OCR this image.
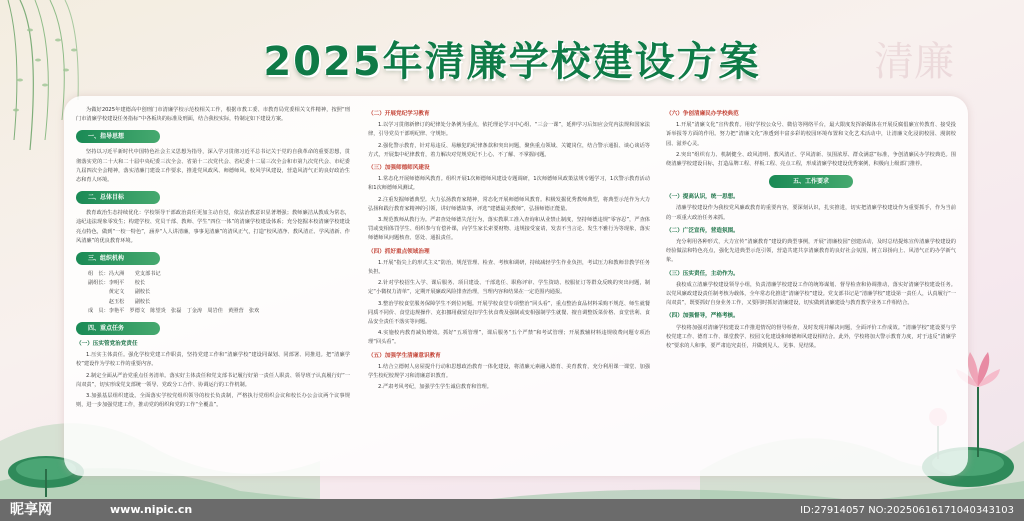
清廉
2025年清廉学校建设方案

为做好2025年建德高中创刑门市清廉学校示范校相关工作，根据市教工委、市教育局党委相关文件精神，按照“刑门市清廉学校建设任务指标”中各板块的标准及刑面，结合我校实际，特制定如下建设方案。

一、指导思想

坚持以习近平新时代中国特色社会主义思想为指导，深入学习贯彻习近平总书记关于党的自我革命的重要思想，贯彻落实党的二十大和二十届中央纪委三次全会、省第十二次党代会、省纪委十二届三次全会和市第九次党代会、市纪委九届四次全会精神，落实清廉门建设工作要求，推进党风政风、师德师风、校风学风建设，营造风清气正的良好政治生态和育人环境。

二、总体目标

教育政治生态持续优化：学校领导干部政治责任更加主动自觉，依法治教意识显著增强；教师廉洁从教成为常态，违纪违法现象零发生；构建学校、党员干部、教师、学生“四位一体”的清廉学校建设体系；充分挖掘本校清廉学校建设亮点特色，做到“一校一特色”，涵养“人人讲清廉，事事见清廉”的清风正气，打造“校风清净、教风清正、学风清新、作风清廉”的优良教育环境。

三、组织机构
组　长：冯大洲　　党支部书记
副组长：李明平　　校长
　　　　黄定文　　副校长
　　　　赵玉松　　副校长
成　员：李艳平　罗德文　陈望炎　张磊　丁金涛　周岩佳　黄照营　张欢
四、重点任务
（一）压实管党治党责任

1.压实主体责任。强化学校党建工作职责，坚持党建工作和“清廉学校”建设同谋划、同部署、同推进。把“清廉学校”建设作为学校工作的重要内容。

2.制定全面从严治党重点任务清单。落实好主体责任和党支部书记履行好第一责任人职责、领导班子认真履行好“一岗双责”，切实形成党支部统一领导、党政分工合作、协调运行的工作机制。

3.加强基层组织建设。全面落实学校党组织领导的校长负责制，严格执行党组织会议和校长办公会议两个议事规则，进一步加强党建工作，推动党的组织和党的工作“全覆盖”。

（二）开展党纪学习教育

1.以学习贯彻新修订的纪律处分条例为重点，依托理论学习中心组、“三会一课”，延伸学习后知应会党内法规和国家法律，引导党员干部明纪律、守规矩。

2.强化警示教育，针对易违反、易触犯的纪律条款和突出问题，聚焦重点领域、关键岗位，结合警示通报、谈心谈话等方式，开展集中纪律教育，着力解决对党规党纪不上心、不了解、不掌握问题。

（三）加强师德师风建设

1.常态化开展师德师风教育。组织开展1次师德师风建设专题调研，1次师德师风政策法规专题学习，1次警示教育活动和1次师德师风测试。

2.注重发掘师德典型。大力弘扬教育家精神，常态化开展师德师风教育。积极发掘优秀教师典型，将典型示范作为大力弘扬和践行教育家精神的引领，讲好师德故事，评选“建德最美教师”，弘扬师德正能量。

3.规范教师从教行为。严肃查处师德失范行为，落实教职工准入查询和从业禁止制度，坚持师德违规“零容忍”，严查体罚或变相体罚学生、组织参与有偿补课，向学生家长索要财物、违规接受宴请，发表不当言论、发生不雅行为等现象，落实师德师风问题核查、惩处、通报责任。

（四）抓好重点领域治理

1.开展“指尖上的形式主义”防治，规范管理、检查、考核和调研，持续减轻学生作业负担，考试压力和教师非教学任务负担。

2.针对学校招生入学、课后服务、项目建设、干部选任、职称评审、学生资助、校服征订等群众反映的突出问题，制定“小微权力清单”，定期开展廉政风险排查治理，当理内容和结果在一定范围内通报。

3.整治学校食堂服务保障学生不到位问题。开展学校食堂专项整治“回头看”，重点整治食品材料采购不规范、师生就餐同质不同价、食堂违规操作、克扣挪用截留克扣学生伙食费及强制或变相强制学生就餐、擅自调整饭菜价格、食堂营利、食品安全责任不落实等问题。

4.实施校内教育减负增效。抓好“五项管理”，课后服务“五个严禁”和考试管理；开展教辅材料违规收费问题专项治理“回头看”。

（五）加强学生清廉意识教育

1.结合立德树人房屋提升行动和思想政治教育一体化建设，将清廉元素融入德育、美育教育，充分利用课一课堂、加强学生校纪校规学习和清廉意识教育。

2.严肃考风考纪，加强学生学生诚信教育和管理。

（六）争创清廉民办学校典范

1.开展“清廉文化”宣传教育。用好学校公众号、微信等网络平台，最大限度发挥新媒体在开展反腐倡廉宣传教育、接受投诉举报等方面的作用。努力把“清廉文化”渗透到丰富多彩的校园环境布置和文化艺术活动中，让清廉文化浸润校园、漫润校园、滋养心灵。

2.突出“组织有力、机制健全、政风清明、教风清正、学风清新、氛围浓厚、群众满意”标准，争创清廉民办学校典范。围绕清廉学校建设目标，打造品牌工程、样板工程、亮点工程，形成清廉学校建设优秀案例，积极向上级部门推荐。

五、工作要求
（一）提高认识，统一思想。

清廉学校建设作为我校党风廉政教育的重要内容，要深刻认识，扎实推进，切实把清廉学校建设作为重要抓手，作为当前的一项重大政治任务来抓。

（二）广泛宣传，营造氛围。

充分利用各种形式，大力宣传“清廉教育”建设的典型事例，开展“清廉校园”创建活动，及时总结提炼宣传清廉学校建设的经验做法和特色亮点，强化先进典型示范引领，营造共建共享清廉教育的良好社会氛围，树立昂扬向上、风清气正的办学新气象。

（三）压实责任，主动作为。

我校成立清廉学校建设领导小组，负责清廉学校建设工作的统筹谋划、督导检查和协调推动，落实好清廉学校建设任务。以党风廉政建设责任制考核为载体，全年常态化推进“清廉学校”建设。党支部书记是“清廉学校”建设第一责任人，认真履行“一岗双责”，既要抓好自身业务工作，又要同时抓好清廉建设，切实做到清廉建设与教育教学业务工作相结合。

（四）加强督导，严格考核。

学校将加强对清廉学校建设工作推进情况的督导检查，及时发现并解决问题，全面评价工作成效。“清廉学校”建设要与学校党建工作、德育工作、课堂教学、校园文化建设和师德师风建设相结合。此外，学校将加大警示教育力度，对于违反“清廉学校”要求的人和事，要严肃追究责任，并做到见人、见事、见结果。

昵享网	www.nipic.cn	ID:27914057 NO:20250616171040343103
